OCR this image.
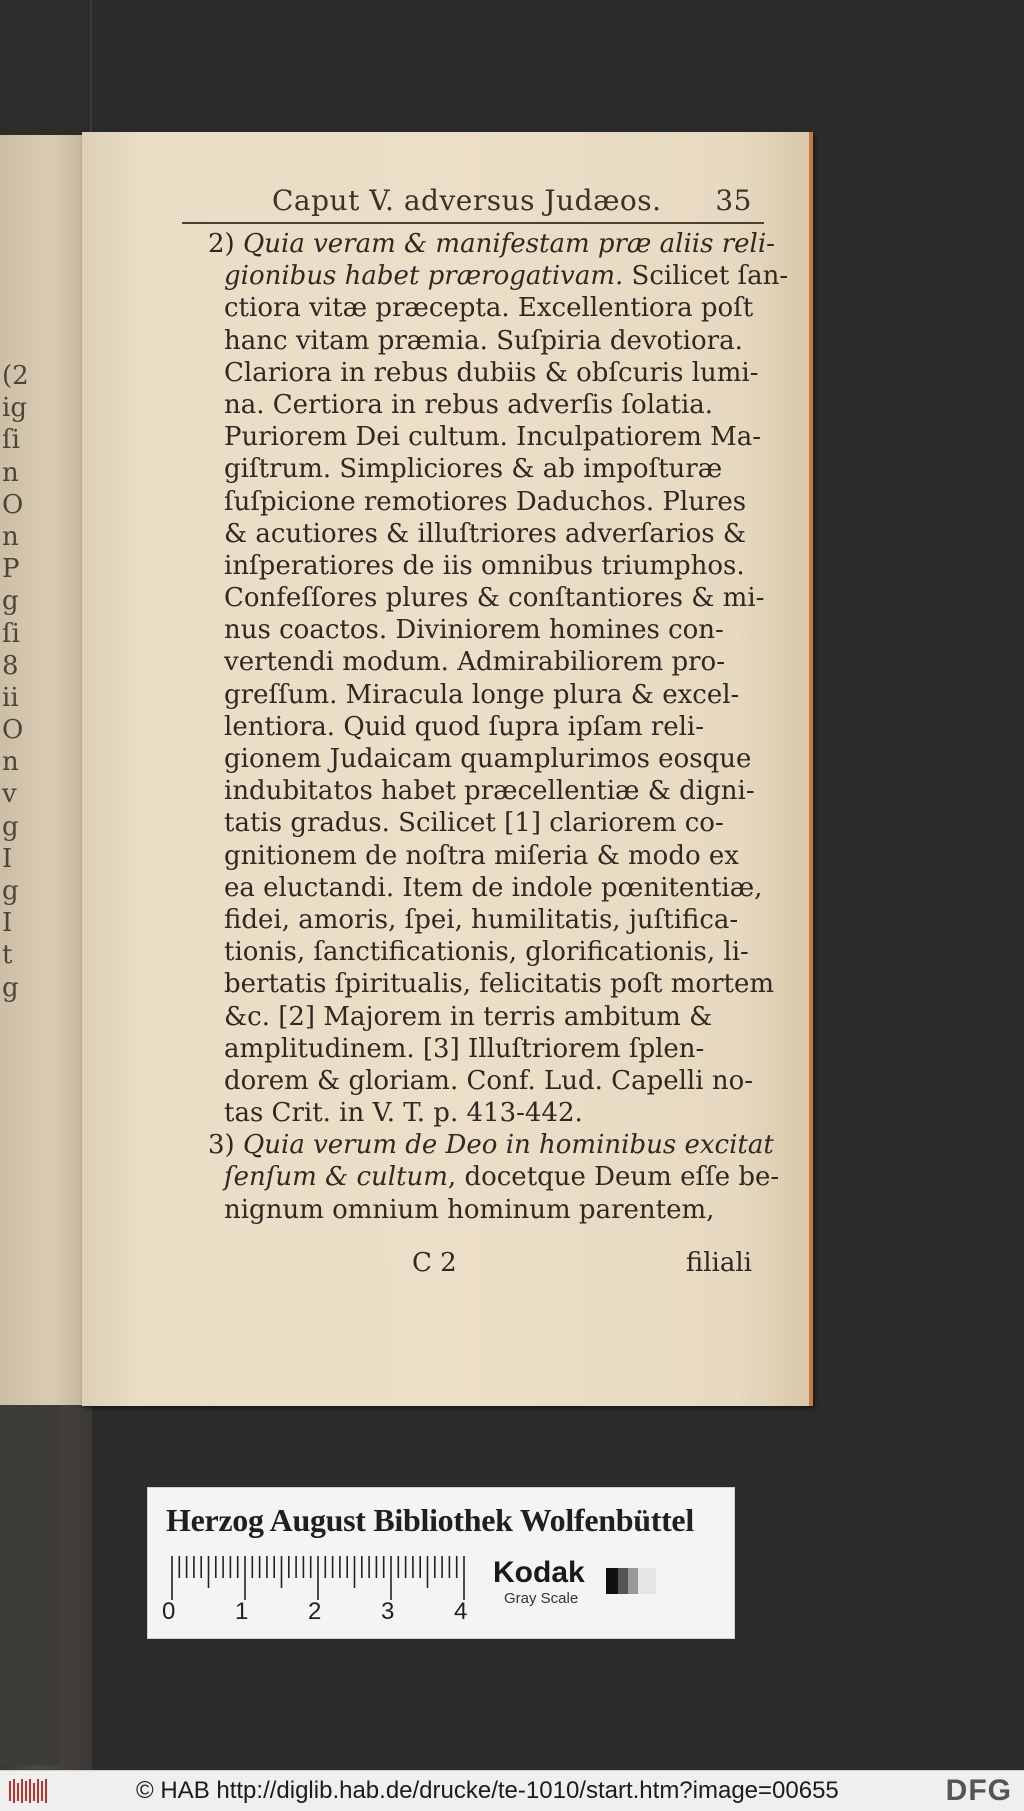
(2
ig
ſi
n
O
n
P
g
ſi
8
ii
O
n
v
g
I
g
I
t
g
Caput V. adversus Judæos. 35
2) Quia veram & manifestam præ aliis reli-
gionibus habet prærogativam. Scilicet ſan-
ctiora vitæ præcepta. Excellentiora poſt
hanc vitam præmia. Suſpiria devotiora.
Clariora in rebus dubiis & obſcuris lumi-
na. Certiora in rebus adverſis ſolatia.
Puriorem Dei cultum. Inculpatiorem Ma-
giſtrum. Simpliciores & ab impoſturæ
ſuſpicione remotiores Daduchos. Plures
& acutiores & illuſtriores adverſarios &
inſperatiores de iis omnibus triumphos.
Confeſſores plures & conſtantiores & mi-
nus coactos. Diviniorem homines con-
vertendi modum. Admirabiliorem pro-
greſſum. Miracula longe plura & excel-
lentiora. Quid quod ſupra ipſam reli-
gionem Judaicam quamplurimos eosque
indubitatos habet præcellentiæ & digni-
tatis gradus. Scilicet [1] clariorem co-
gnitionem de noſtra miſeria & modo ex
ea eluctandi. Item de indole pœnitentiæ,
fidei, amoris, ſpei, humilitatis, juſtifica-
tionis, ſanctificationis, glorificationis, li-
bertatis ſpiritualis, felicitatis poſt mortem
&c. [2] Majorem in terris ambitum &
amplitudinem. [3] Illuſtriorem ſplen-
dorem & gloriam. Conf. Lud. Capelli no-
tas Crit. in V. T. p. 413-442.
3) Quia verum de Deo in hominibus excitat
ſenſum & cultum, docetque Deum eſſe be-
nignum omnium hominum parentem,
C 2	filiali
Herzog August Bibliothek Wolfenbüttel
0 1 2 3 4
Kodak
Gray Scale
© HAB http://diglib.hab.de/drucke/te-1010/start.htm?image=00655	DFG
